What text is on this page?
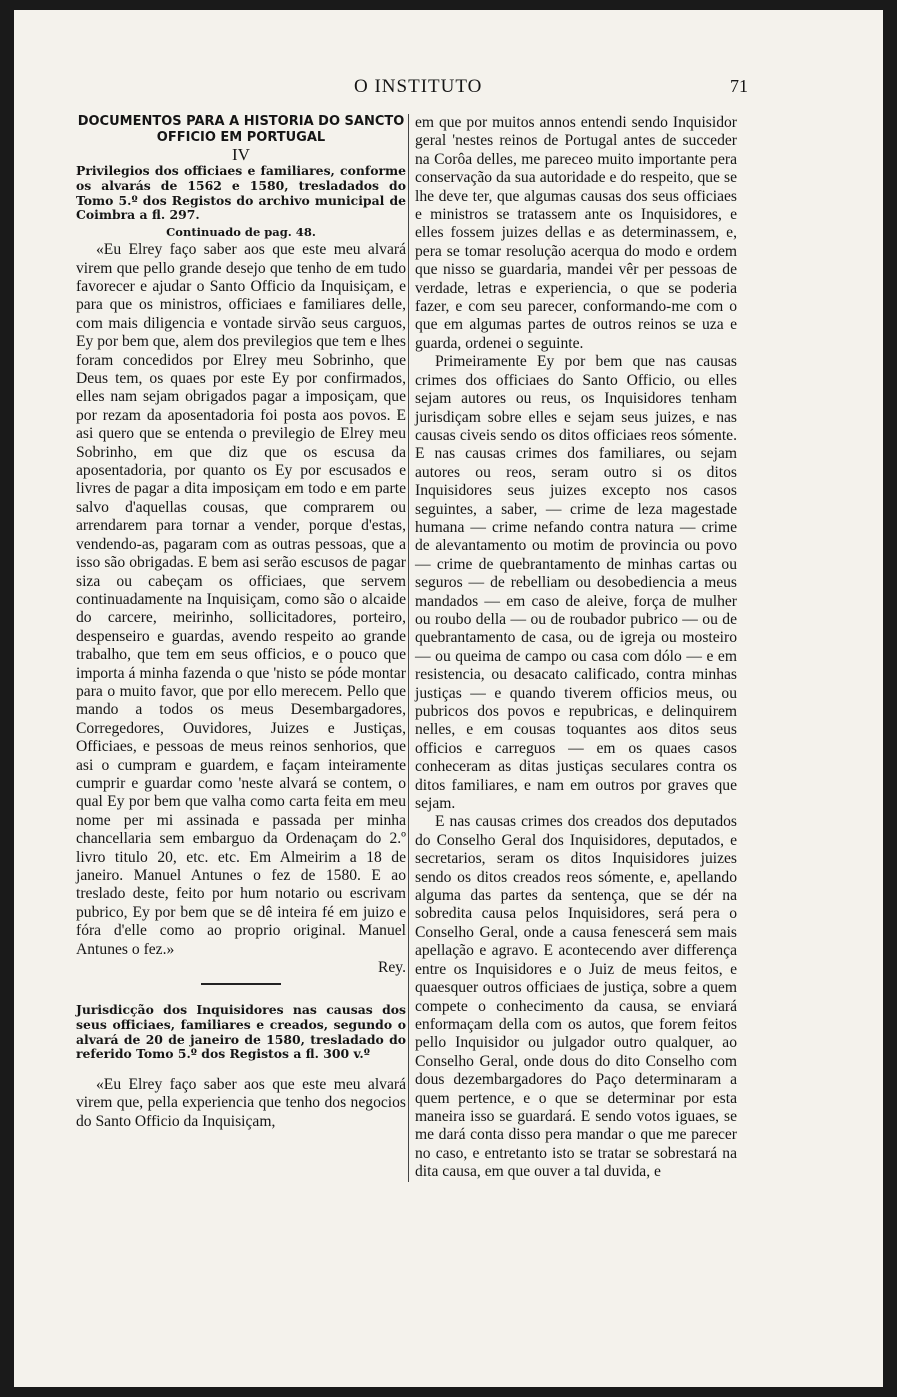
O INSTITUTO	71

DOCUMENTOS PARA A HISTORIA DO SANCTO OFFICIO EM PORTUGAL

IV

Privilegios dos officiaes e familiares, conforme os alvarás de 1562 e 1580, tresladados do Tomo 5.º dos Registos do archivo municipal de Coimbra a fl. 297.

Continuado de pag. 48.

«Eu Elrey faço saber aos que este meu alvará virem que pello grande desejo que tenho de em tudo favorecer e ajudar o Santo Officio da Inquisiçam, e para que os ministros, officiaes e familiares delle, com mais diligencia e vontade sirvão seus carguos, Ey por bem que, alem dos previlegios que tem e lhes foram concedidos por Elrey meu Sobrinho, que Deus tem, os quaes por este Ey por confirmados, elles nam sejam obrigados pagar a imposiçam, que por rezam da aposentadoria foi posta aos povos. E asi quero que se entenda o previlegio de Elrey meu Sobrinho, em que diz que os escusa da aposentadoria, por quanto os Ey por escusados e livres de pagar a dita imposiçam em todo e em parte salvo d'aquellas cousas, que comprarem ou arrendarem para tornar a vender, porque d'estas, vendendo-as, pagaram com as outras pessoas, que a isso são obrigadas. E bem asi serão escusos de pagar siza ou cabeçam os officiaes, que servem continuadamente na Inquisiçam, como são o alcaide do carcere, meirinho, sollicitadores, porteiro, despenseiro e guardas, avendo respeito ao grande trabalho, que tem em seus officios, e o pouco que importa á minha fazenda o que 'nisto se póde montar para o muito favor, que por ello merecem. Pello que mando a todos os meus Desembargadores, Corregedores, Ouvidores, Juizes e Justiças, Officiaes, e pessoas de meus reinos senhorios, que asi o cumpram e guardem, e façam inteiramente cumprir e guardar como 'neste alvará se contem, o qual Ey por bem que valha como carta feita em meu nome per mi assinada e passada per minha chancellaria sem embarguo da Ordenaçam do 2.º livro titulo 20, etc. etc. Em Almeirim a 18 de janeiro. Manuel Antunes o fez de 1580. E ao treslado deste, feito por hum notario ou escrivam pubrico, Ey por bem que se dê inteira fé em juizo e fóra d'elle como ao proprio original. Manuel Antunes o fez.»

Rey.

Jurisdicção dos Inquisidores nas causas dos seus officiaes, familiares e creados, segundo o alvará de 20 de janeiro de 1580, tresladado do referido Tomo 5.º dos Registos a fl. 300 v.º

«Eu Elrey faço saber aos que este meu alvará virem que, pella experiencia que tenho dos negocios do Santo Officio da Inquisiçam,

em que por muitos annos entendi sendo Inquisidor geral 'nestes reinos de Portugal antes de succeder na Corôa delles, me pareceo muito importante pera conservação da sua autoridade e do respeito, que se lhe deve ter, que algumas causas dos seus officiaes e ministros se tratassem ante os Inquisidores, e elles fossem juizes dellas e as determinassem, e, pera se tomar resolução acerqua do modo e ordem que nisso se guardaria, mandei vêr per pessoas de verdade, letras e experiencia, o que se poderia fazer, e com seu parecer, conformando-me com o que em algumas partes de outros reinos se uza e guarda, ordenei o seguinte.

Primeiramente Ey por bem que nas causas crimes dos officiaes do Santo Officio, ou elles sejam autores ou reus, os Inquisidores tenham jurisdiçam sobre elles e sejam seus juizes, e nas causas civeis sendo os ditos officiaes reos sómente. E nas causas crimes dos familiares, ou sejam autores ou reos, seram outro si os ditos Inquisidores seus juizes excepto nos casos seguintes, a saber, — crime de leza magestade humana — crime nefando contra natura — crime de alevantamento ou motim de provincia ou povo — crime de quebrantamento de minhas cartas ou seguros — de rebelliam ou desobediencia a meus mandados — em caso de aleive, força de mulher ou roubo della — ou de roubador pubrico — ou de quebrantamento de casa, ou de igreja ou mosteiro — ou queima de campo ou casa com dólo — e em resistencia, ou desacato calificado, contra minhas justiças — e quando tiverem officios meus, ou pubricos dos povos e repubricas, e delinquirem nelles, e em cousas toquantes aos ditos seus officios e carreguos — em os quaes casos conheceram as ditas justiças seculares contra os ditos familiares, e nam em outros por graves que sejam.

E nas causas crimes dos creados dos deputados do Conselho Geral dos Inquisidores, deputados, e secretarios, seram os ditos Inquisidores juizes sendo os ditos creados reos sómente, e, apellando alguma das partes da sentença, que se dér na sobredita causa pelos Inquisidores, será pera o Conselho Geral, onde a causa fenescerá sem mais apellação e agravo. E acontecendo aver differença entre os Inquisidores e o Juiz de meus feitos, e quaesquer outros officiaes de justiça, sobre a quem compete o conhecimento da causa, se enviará enformaçam della com os autos, que forem feitos pello Inquisidor ou julgador outro qualquer, ao Conselho Geral, onde dous do dito Conselho com dous dezembargadores do Paço determinaram a quem pertence, e o que se determinar por esta maneira isso se guardará. E sendo votos iguaes, se me dará conta disso pera mandar o que me parecer no caso, e entretanto isto se tratar se sobrestará na dita causa, em que ouver a tal duvida, e
